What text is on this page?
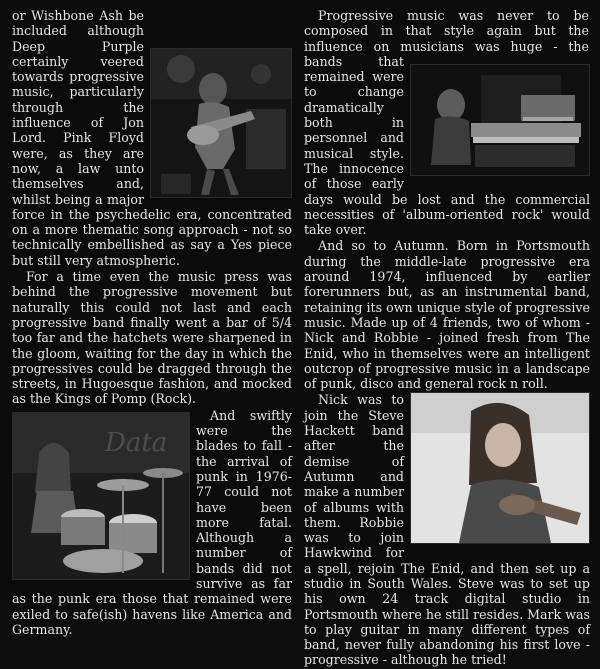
or Wishbone Ash be included although Deep Purple certainly veered towards progressive music, particularly through the influence of Jon Lord. Pink Floyd were, as they are now, a law unto themselves and, whilst being a major force in the psychedelic era, concentrated on a more thematic song approach - not so technically embellished as say a Yes piece but still very atmospheric.

For a time even the music press was behind the progressive movement but naturally this could not last and each progressive band finally went a bar of 5/4 too far and the hatchets were sharpened in the gloom, waiting for the day in which the progressives could be dragged through the streets, in Hugoesque fashion, and mocked as the Kings of Pomp (Rock).

Data

And swiftly were the blades to fall - the arrival of punk in 1976-77 could not have been more fatal. Although a number of bands did not survive as far as the punk era those that remained were exiled to safe(ish) havens like America and Germany.

Progressive music was never to be composed in that style again but the influence on musicians was huge - the bands that remained were to change dramatically both in personnel and musical style. The innocence of those early days would be lost and the commercial necessities of 'album-oriented rock' would take over.

And so to Autumn. Born in Portsmouth during the middle-late progressive era around 1974, influenced by earlier forerunners but, as an instrumental band, retaining its own unique style of progressive music. Made up of 4 friends, two of whom - Nick and Robbie - joined fresh from The Enid, who in themselves were an intelligent outcrop of progressive music in a landscape of punk, disco and general rock n roll.

Nick was to join the Steve Hackett band after the demise of Autumn and make a number of albums with them. Robbie was to join Hawkwind for a spell, rejoin The Enid, and then set up a studio in South Wales. Steve was to set up his own 24 track digital studio in Portsmouth where he still resides. Mark was to play guitar in many different types of band, never fully abandoning his first love - progressive - although he tried!
